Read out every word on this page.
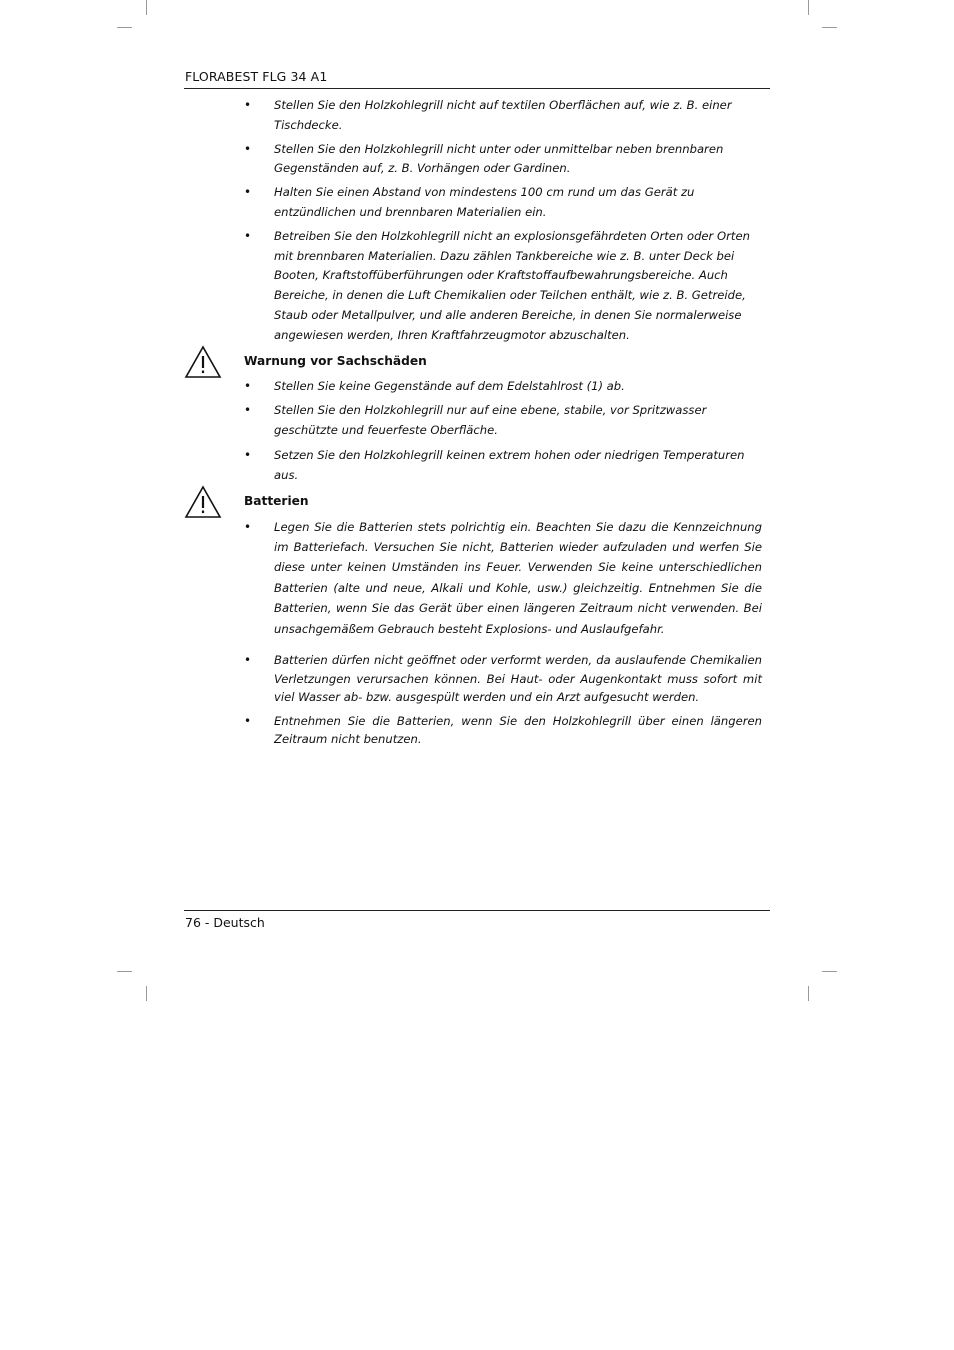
FLORABEST FLG 34 A1

• Stellen Sie den Holzkohlegrill nicht auf textilen Oberflächen auf, wie z. B. einer Tischdecke.

• Stellen Sie den Holzkohlegrill nicht unter oder unmittelbar neben brennbaren Gegenständen auf, z. B. Vorhängen oder Gardinen.

• Halten Sie einen Abstand von mindestens 100 cm rund um das Gerät zu entzündlichen und brennbaren Materialien ein.

• Betreiben Sie den Holzkohlegrill nicht an explosionsgefährdeten Orten oder Orten mit brennbaren Materialien. Dazu zählen Tankbereiche wie z. B. unter Deck bei Booten, Kraftstoffüberführungen oder Kraftstoffaufbewahrungsbereiche. Auch Bereiche, in denen die Luft Chemikalien oder Teilchen enthält, wie z. B. Getreide, Staub oder Metallpulver, und alle anderen Bereiche, in denen Sie normalerweise angewiesen werden, Ihren Kraftfahrzeugmotor abzuschalten.

Warnung vor Sachschäden

• Stellen Sie keine Gegenstände auf dem Edelstahlrost (1) ab.

• Stellen Sie den Holzkohlegrill nur auf eine ebene, stabile, vor Spritzwasser geschützte und feuerfeste Oberfläche.

• Setzen Sie den Holzkohlegrill keinen extrem hohen oder niedrigen Temperaturen aus.

Batterien

• Legen Sie die Batterien stets polrichtig ein. Beachten Sie dazu die Kennzeichnung im Batteriefach. Versuchen Sie nicht, Batterien wieder aufzuladen und werfen Sie diese unter keinen Umständen ins Feuer. Verwenden Sie keine unterschiedlichen Batterien (alte und neue, Alkali und Kohle, usw.) gleichzeitig. Entnehmen Sie die Batterien, wenn Sie das Gerät über einen längeren Zeitraum nicht verwenden. Bei unsachgemäßem Gebrauch besteht Explosions- und Auslaufgefahr.

• Batterien dürfen nicht geöffnet oder verformt werden, da auslaufende Chemikalien Verletzungen verursachen können. Bei Haut- oder Augenkontakt muss sofort mit viel Wasser ab- bzw. ausgespült werden und ein Arzt aufgesucht werden.

• Entnehmen Sie die Batterien, wenn Sie den Holzkohlegrill über einen längeren Zeitraum nicht benutzen.

76 - Deutsch
